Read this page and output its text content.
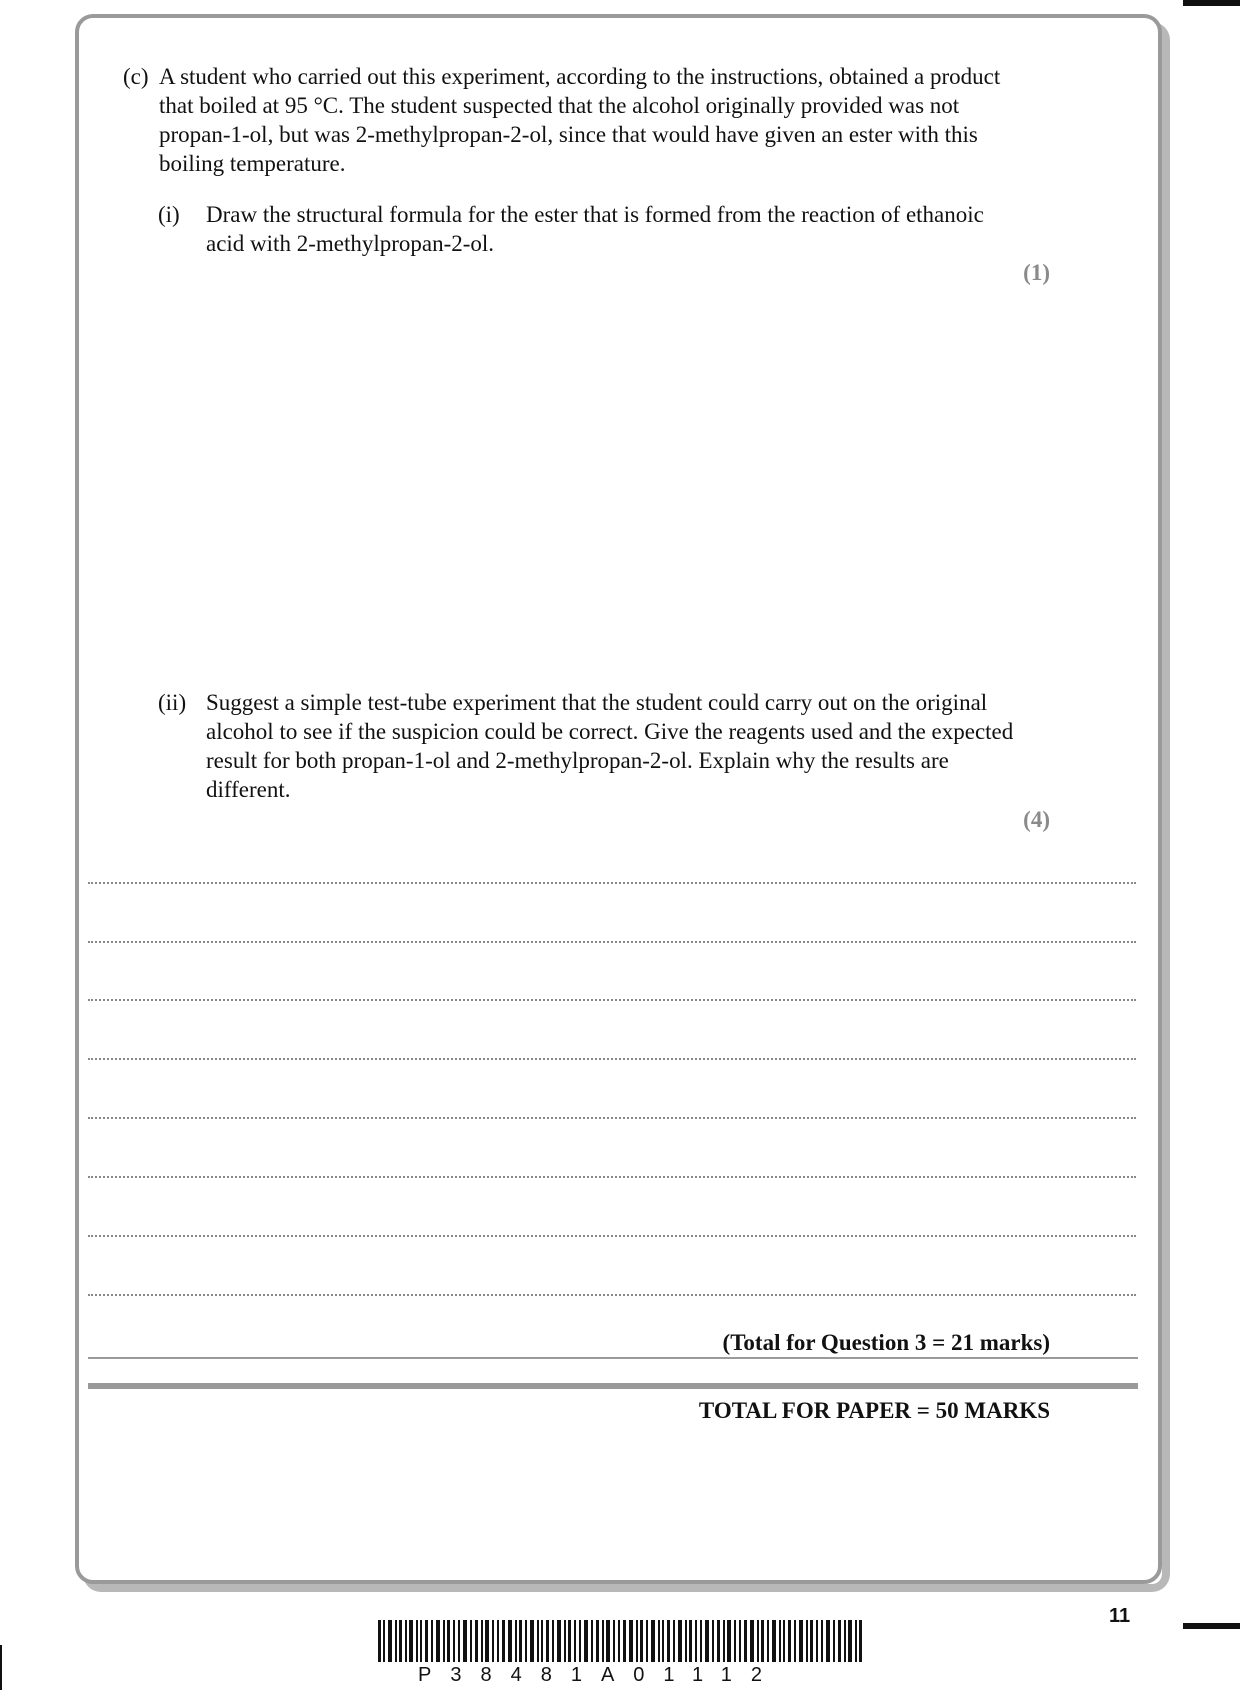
(c) A student who carried out this experiment, according to the instructions, obtained a product that boiled at 95 °C. The student suspected that the alcohol originally provided was not propan-1-ol, but was 2-methylpropan-2-ol, since that would have given an ester with this boiling temperature.
(i) Draw the structural formula for the ester that is formed from the reaction of ethanoic acid with 2-methylpropan-2-ol.
(1)
(ii) Suggest a simple test-tube experiment that the student could carry out on the original alcohol to see if the suspicion could be correct. Give the reagents used and the expected result for both propan-1-ol and 2-methylpropan-2-ol. Explain why the results are different.
(4)
(Total for Question 3 = 21 marks)
TOTAL FOR PAPER = 50 MARKS
11
P38481A01112
